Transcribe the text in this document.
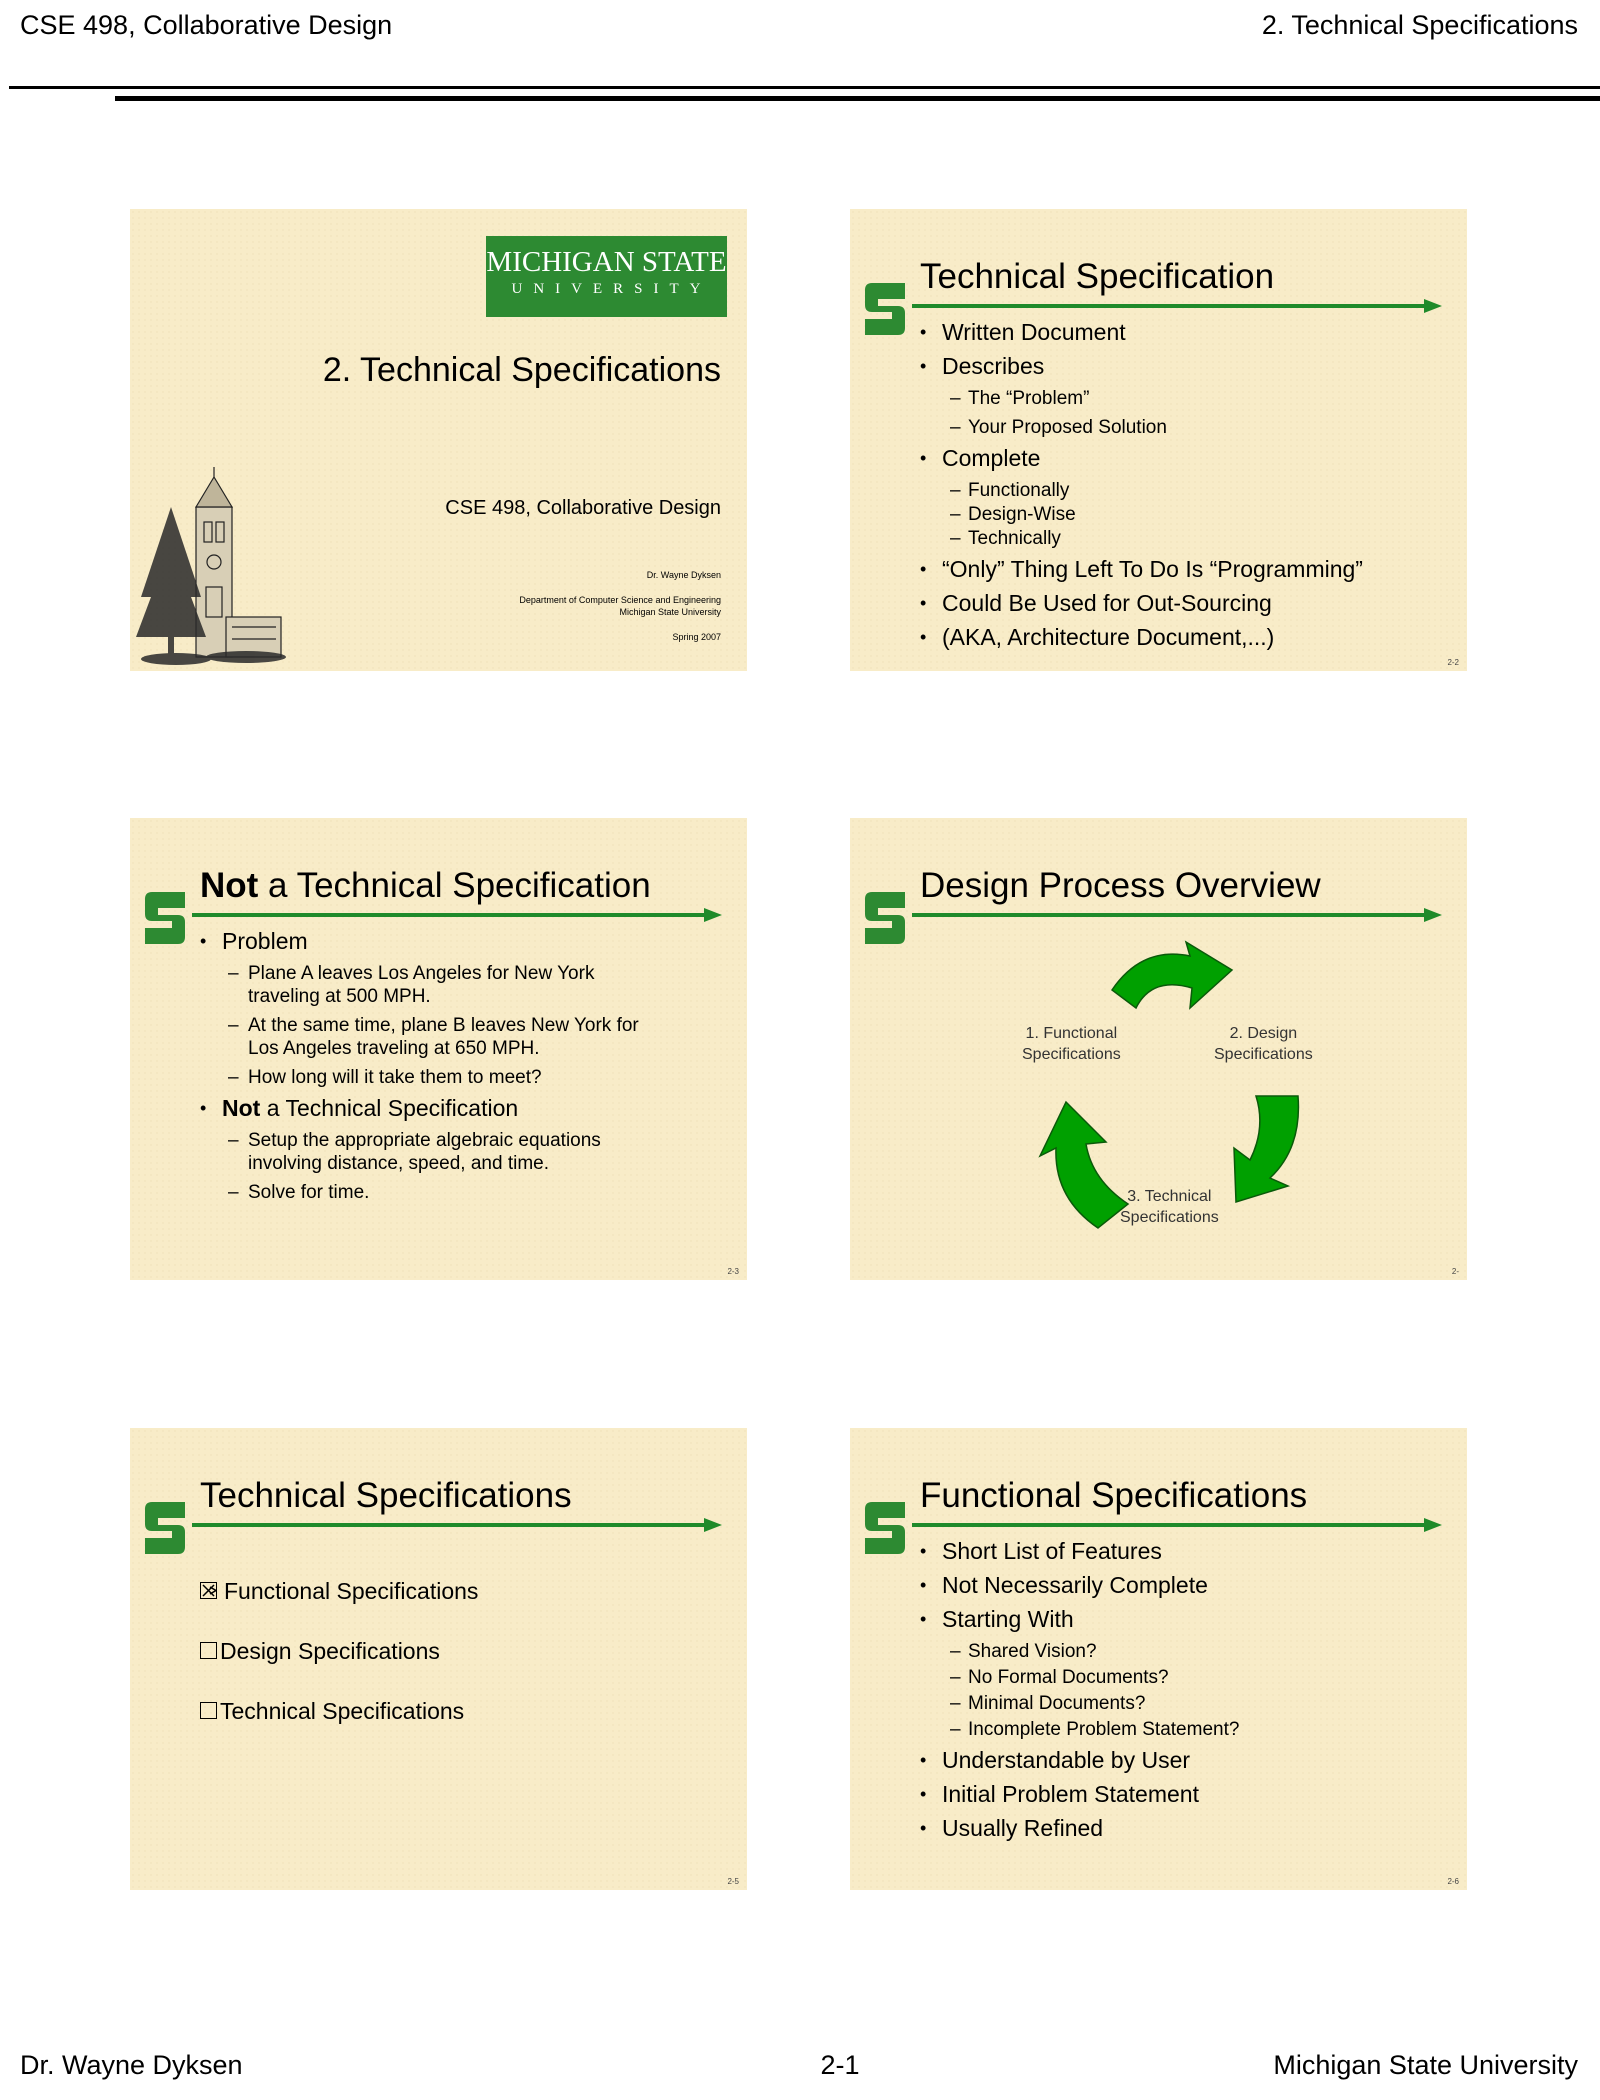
CSE 498, Collaborative Design	2. Technical Specifications
MICHIGAN STATE
UNIVERSITY
2. Technical Specifications
CSE 498, Collaborative Design
Dr. Wayne Dyksen
Department of Computer Science and Engineering
Michigan State University
Spring 2007
Technical Specification
• Written Document
• Describes
– The “Problem”
– Your Proposed Solution
• Complete
– Functionally
– Design-Wise
– Technically
• “Only” Thing Left To Do Is “Programming”
• Could Be Used for Out-Sourcing
• (AKA, Architecture Document,...)
2-2
Not a Technical Specification
• Problem
– Plane A leaves Los Angeles for New York
traveling at 500 MPH.
– At the same time, plane B leaves New York for
Los Angeles traveling at 650 MPH.
– How long will it take them to meet?
• Not a Technical Specification
– Setup the appropriate algebraic equations
involving distance, speed, and time.
– Solve for time.
2-3
Design Process Overview
1. Functional
Specifications
2. Design
Specifications
3. Technical
Specifications
2-
Technical Specifications
Functional Specifications
Design Specifications
Technical Specifications
2-5
Functional Specifications
• Short List of Features
• Not Necessarily Complete
• Starting With
– Shared Vision?
– No Formal Documents?
– Minimal Documents?
– Incomplete Problem Statement?
• Understandable by User
• Initial Problem Statement
• Usually Refined
2-6
Dr. Wayne Dyksen	2-1	Michigan State University
